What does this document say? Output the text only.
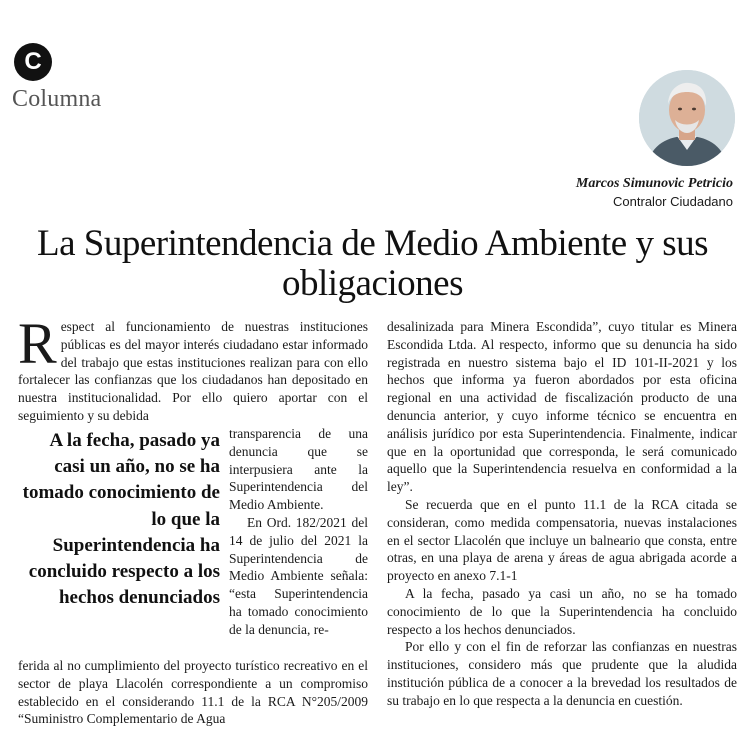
C
Columna
Marcos Simunovic Petricio
Contralor Ciudadano
La Superintendencia de Medio Ambiente y sus obligaciones

Respect al funcionamiento de nuestras instituciones públicas es del mayor interés ciudadano estar informado del trabajo que estas instituciones realizan para con ello fortalecer las confianzas que los ciudadanos han depositado en nuestra institucionalidad. Por ello quiero aportar con el seguimiento y su debida

A la fecha, pasado ya casi un año, no se ha tomado conocimiento de lo que la Superintendencia ha concluido respecto a los hechos denunciados

transparencia de una denuncia que se interpusiera ante la Superintendencia del Medio Ambiente.

En Ord. 182/2021 del 14 de julio del 2021 la Superintendencia de Medio Ambiente señala: “esta Superintendencia ha tomado conocimiento de la denuncia, re-

ferida al no cumplimiento del proyecto turístico recreativo en el sector de playa Llacolén correspondiente a un compromiso establecido en el considerando 11.1 de la RCA N°205/2009 “Suministro Complementario de Agua

desalinizada para Minera Escondida”, cuyo titular es Minera Escondida Ltda. Al respecto, informo que su denuncia ha sido registrada en nuestro sistema bajo el ID 101-II-2021 y los hechos que informa ya fueron abordados por esta oficina regional en una actividad de fiscalización producto de una denuncia anterior, y cuyo informe técnico se encuentra en análisis jurídico por esta Superintendencia. Finalmente, indicar que en la oportunidad que corresponda, le será comunicado aquello que la Superintendencia resuelva en conformidad a la ley”.

Se recuerda que en el punto 11.1 de la RCA citada se consideran, como medida compensatoria, nuevas instalaciones en el sector Llacolén que incluye un balneario que consta, entre otras, en una playa de arena y áreas de agua abrigada acorde a proyecto en anexo 7.1-1

A la fecha, pasado ya casi un año, no se ha tomado conocimiento de lo que la Superintendencia ha concluido respecto a los hechos denunciados.

Por ello y con el fin de reforzar las confianzas en nuestras instituciones, considero más que prudente que la aludida institución pública de a conocer a la brevedad los resultados de su trabajo en lo que respecta a la denuncia en cuestión.
